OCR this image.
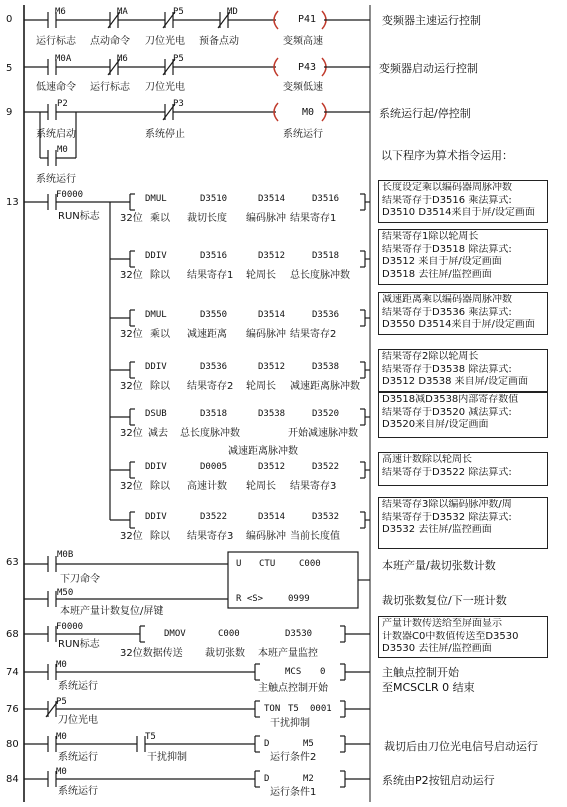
0
5
9
13
63
68
74
76
80
84
M6	MA	P5	MD
运行标志 点动命令 刀位光电 预备点动
P41
变频高速
变频器主速运行控制
M0A	M6	P5
低速命令 运行标志 刀位光电
P43
变频低速
变频器启动运行控制
P2	P3
系统启动	系统停止
M0
系统运行
M0
系统运行
系统运行起/停控制
以下程序为算术指令运用：
F0000
RUN标志
DMUL	D3510	D3514	D3516
32位 乘以 裁切长度 编码脉冲 结果寄存1
长度设定乘以编码器周脉冲数
结果寄存于D3516 乘法算式:
D3510 D3514来自于屏/设定画面
DDIV	D3516	D3512	D3518
32位 除以 结果寄存1 轮周长 总长度脉冲数
结果寄存1除以轮周长
结果寄存于D3518 除法算式:
D3512 来自于屏/设定画面
D3518 去往屏/监控画面
DMUL	D3550	D3514	D3536
32位 乘以 减速距离 编码脉冲 结果寄存2
减速距离乘以编码器周脉冲数
结果寄存于D3536 乘法算式:
D3550 D3514来自于屏/设定画面
DDIV	D3536	D3512	D3538
32位 除以 结果寄存2 轮周长 减速距离脉冲数
结果寄存2除以轮周长
结果寄存于D3538 除法算式:
D3512 D3538 来自屏/设定画面
DSUB	D3518	D3538	D3520
32位 减去 总长度脉冲数	开始减速脉冲数
减速距离脉冲数
D3518减D3538内部寄存数值
结果寄存于D3520 减法算式:
D3520来自屏/设定画面
DDIV	D0005	D3512	D3522
32位 除以 高速计数 轮周长 结果寄存3
高速计数除以轮周长
结果寄存于D3522 除法算式:
DDIV	D3522	D3514	D3532
32位 除以 结果寄存3 编码脉冲 当前长度值
结果寄存3除以编码脉冲数/周
结果寄存于D3532 除法算式:
D3532 去往屏/监控画面
M0B
下刀命令
M50
本班产量计数复位/屏键
U CTU	C000
R <S>	0999
本班产量/裁切张数计数
裁切张数复位/下一班计数
F0000
RUN标志
DMOV	C000	D3530
32位数据传送 裁切张数 本班产量监控
产量计数传送给至屏面显示
计数器C0中数值传送至D3530
D3530 去往屏/监控画面
M0
系统运行
MCS 0
主触点控制开始
主触点控制开始
至MCSCLR 0 结束
P5
刀位光电
TON T5 0001
干扰抑制
M0
系统运行
T5
干扰抑制
D	M5
运行条件2
裁切后由刀位光电信号启动运行
M0
系统运行
D	M2
运行条件1
系统由P2按钮启动运行
